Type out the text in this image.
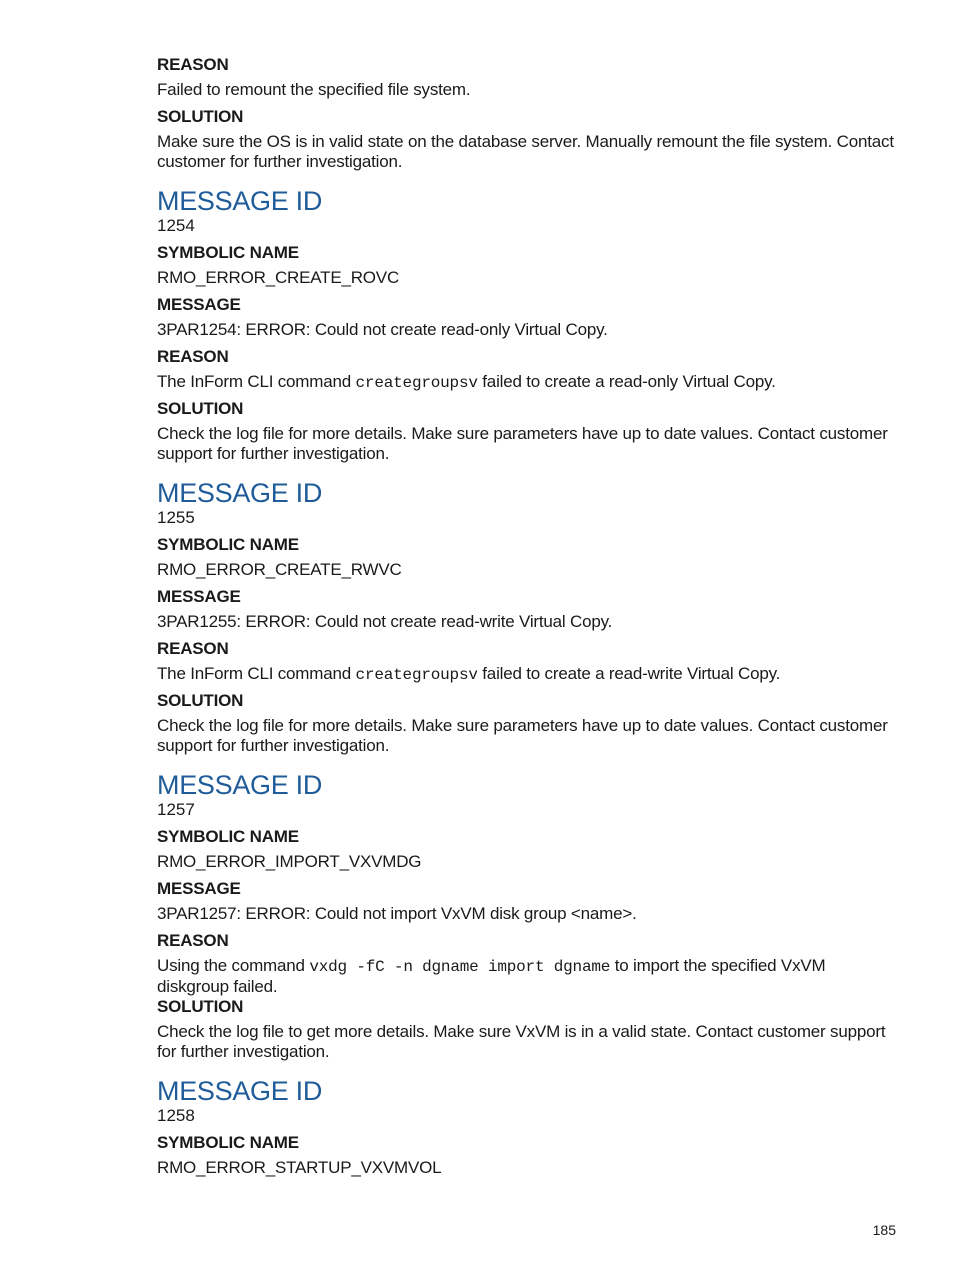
REASON

Failed to remount the specified file system.

SOLUTION

Make sure the OS is in valid state on the database server. Manually remount the file system. Contact customer for further investigation.

MESSAGE ID

1254

SYMBOLIC NAME

RMO_ERROR_CREATE_ROVC

MESSAGE

3PAR1254: ERROR: Could not create read-only Virtual Copy.

REASON

The InForm CLI command creategroupsv failed to create a read-only Virtual Copy.

SOLUTION

Check the log file for more details. Make sure parameters have up to date values. Contact customer support for further investigation.

MESSAGE ID

1255

SYMBOLIC NAME

RMO_ERROR_CREATE_RWVC

MESSAGE

3PAR1255: ERROR: Could not create read-write Virtual Copy.

REASON

The InForm CLI command creategroupsv failed to create a read-write Virtual Copy.

SOLUTION

Check the log file for more details. Make sure parameters have up to date values. Contact customer support for further investigation.

MESSAGE ID

1257

SYMBOLIC NAME

RMO_ERROR_IMPORT_VXVMDG

MESSAGE

3PAR1257: ERROR: Could not import VxVM disk group <name>.

REASON

Using the command vxdg -fC -n dgname import dgname to import the specified VxVM diskgroup failed.

SOLUTION

Check the log file to get more details. Make sure VxVM is in a valid state. Contact customer support for further investigation.

MESSAGE ID

1258

SYMBOLIC NAME

RMO_ERROR_STARTUP_VXVMVOL

185
